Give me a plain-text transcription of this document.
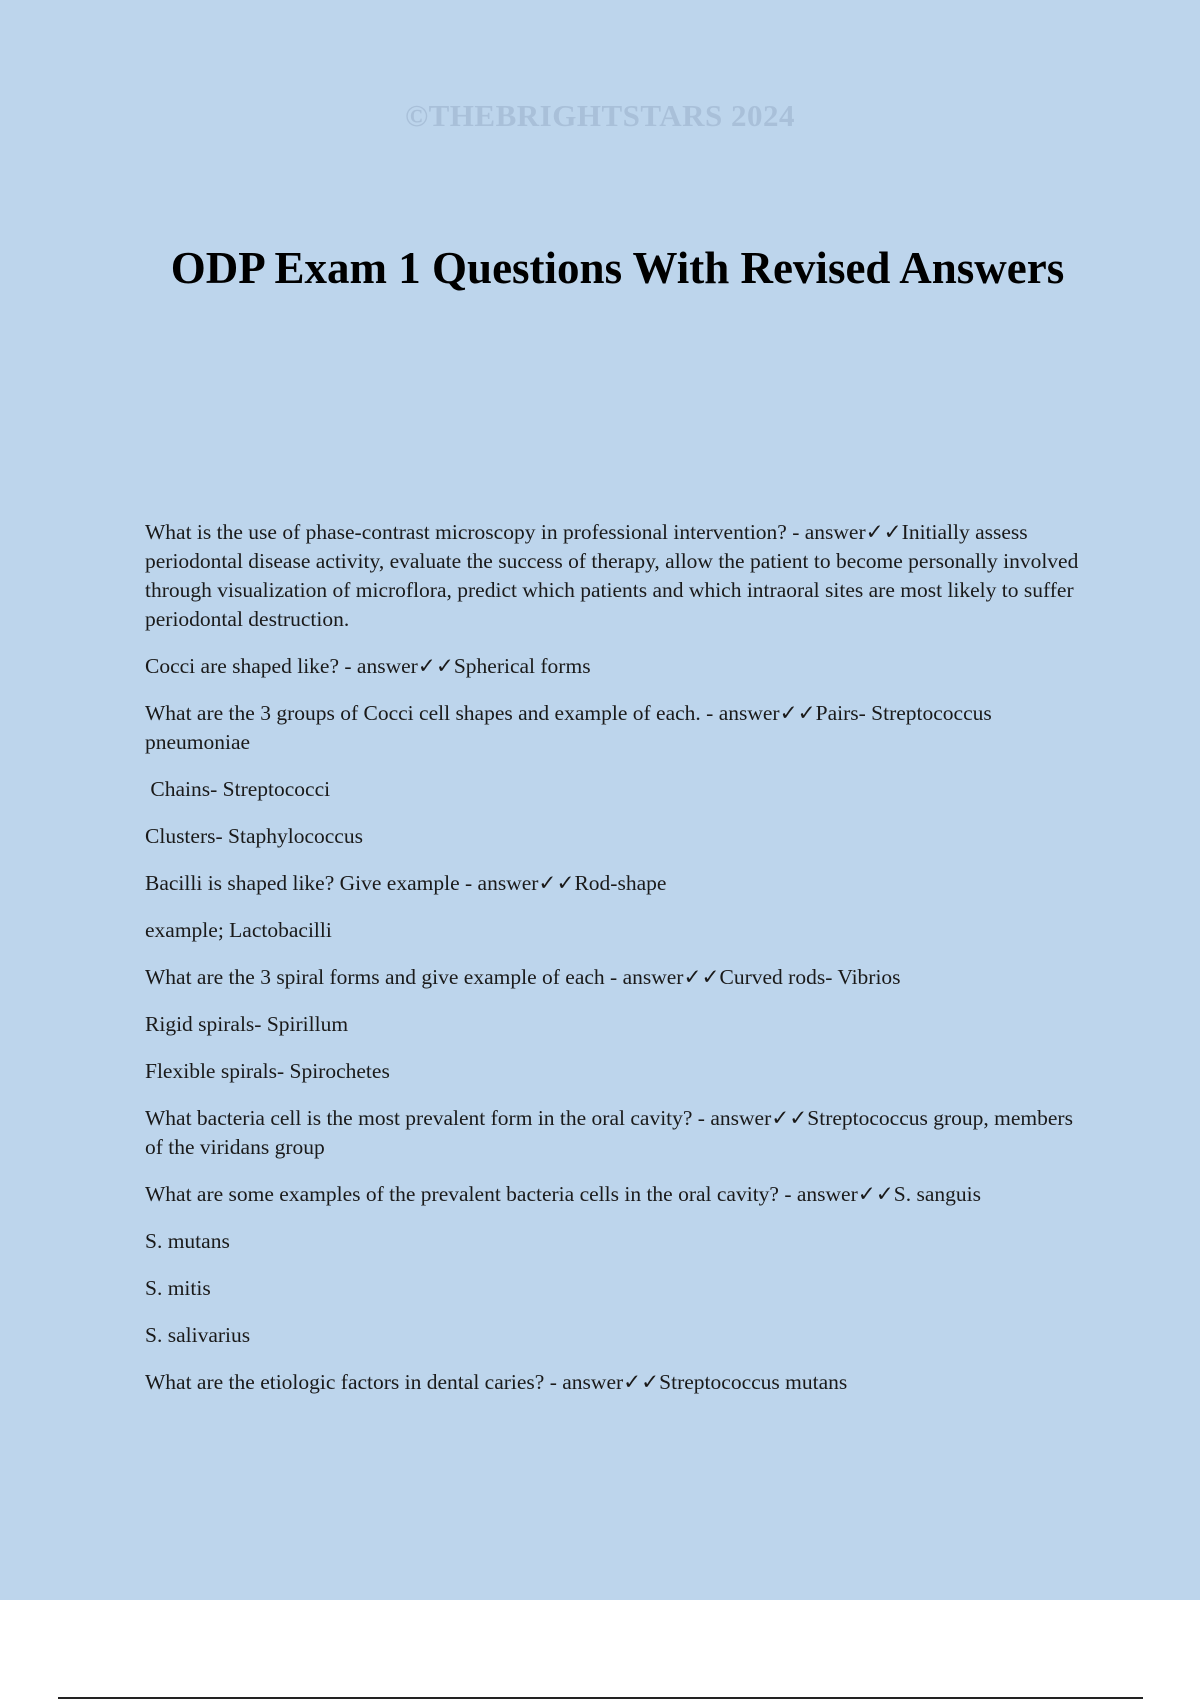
©THEBRIGHTSTARS 2024
ODP Exam 1 Questions With Revised Answers

What is the use of phase-contrast microscopy in professional intervention? - answer✓✓Initially assess periodontal disease activity, evaluate the success of therapy, allow the patient to become personally involved through visualization of microflora, predict which patients and which intraoral sites are most likely to suffer periodontal destruction.

Cocci are shaped like? - answer✓✓Spherical forms

What are the 3 groups of Cocci cell shapes and example of each. - answer✓✓Pairs- Streptococcus pneumoniae

Chains- Streptococci

Clusters- Staphylococcus

Bacilli is shaped like? Give example - answer✓✓Rod-shape

example; Lactobacilli

What are the 3 spiral forms and give example of each - answer✓✓Curved rods- Vibrios

Rigid spirals- Spirillum

Flexible spirals- Spirochetes

What bacteria cell is the most prevalent form in the oral cavity? - answer✓✓Streptococcus group, members of the viridans group

What are some examples of the prevalent bacteria cells in the oral cavity? - answer✓✓S. sanguis

S. mutans

S. mitis

S. salivarius

What are the etiologic factors in dental caries? - answer✓✓Streptococcus mutans
